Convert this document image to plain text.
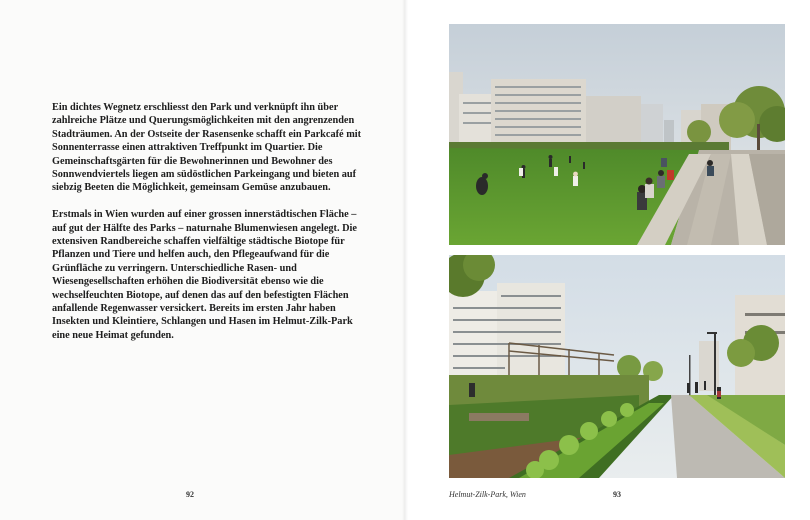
Ein dichtes Wegnetz erschliesst den Park und verknüpft ihn über zahlreiche Plätze und Querungsmöglichkeiten mit den angrenzenden Stadträumen. An der Ostseite der Rasensenke schafft ein Parkcafé mit Sonnenterrasse einen attraktiven Treffpunkt im Quartier. Die Gemeinschaftsgärten für die Bewohnerinnen und Bewohner des Sonnwendviertels liegen am südöstlichen Parkeingang und bieten auf siebzig Beeten die Möglichkeit, gemeinsam Gemüse anzubauen.

Erstmals in Wien wurden auf einer grossen innerstädtischen Fläche – auf gut der Hälfte des Parks – naturnahe Blumenwiesen angelegt. Die extensiven Randbereiche schaffen vielfältige städtische Biotope für Pflanzen und Tiere und helfen auch, den Pflegeaufwand für die Grünfläche zu verringern. Unterschiedliche Rasen- und Wiesengesellschaften erhöhen die Biodiversität ebenso wie die wechselfeuchten Biotope, auf denen das auf den befestigten Flächen anfallende Regenwasser versickert. Bereits im ersten Jahr haben Insekten und Kleintiere, Schlangen und Hasen im Helmut-Zilk-Park eine neue Heimat gefunden.

92	Helmut-Zilk-Park, Wien	93
